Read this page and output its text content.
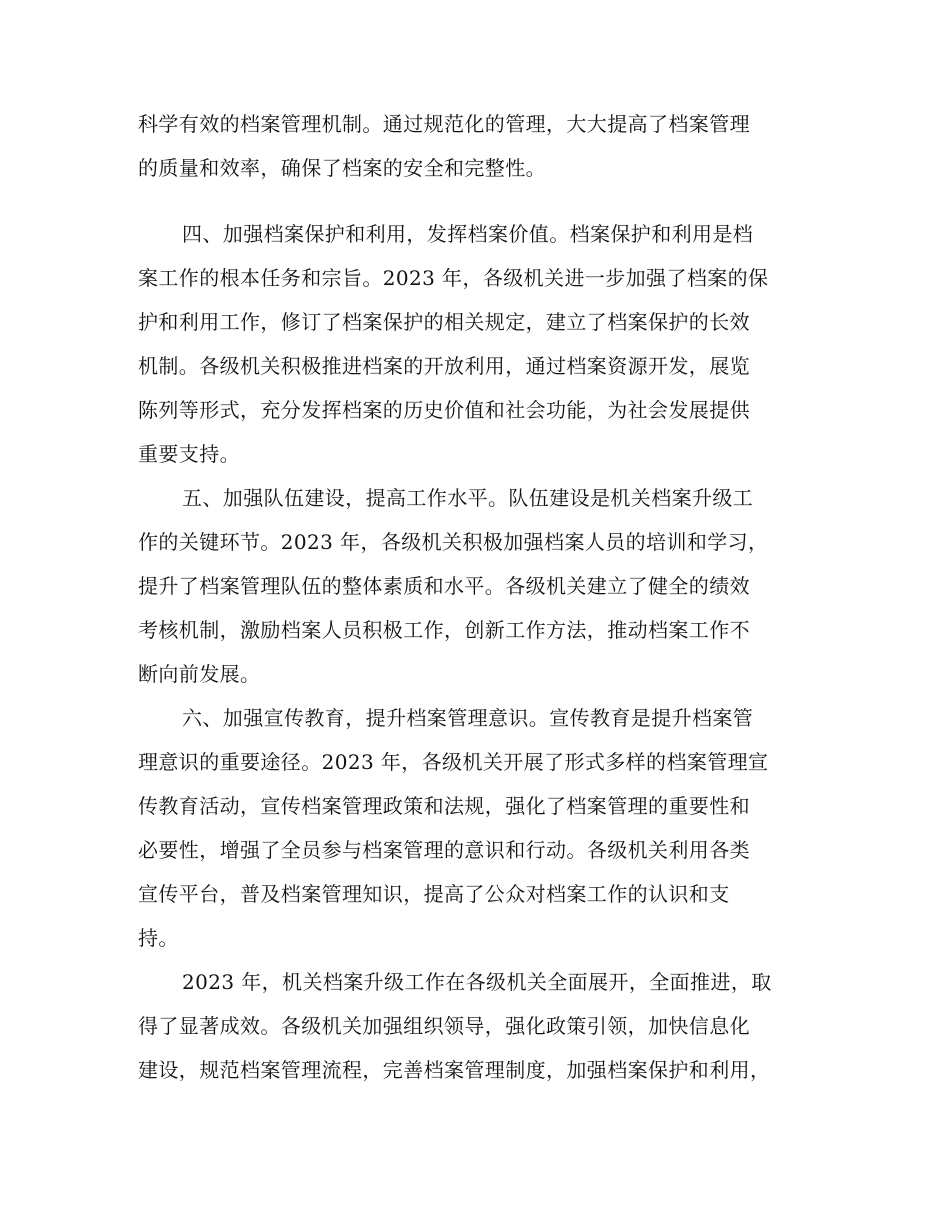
科学有效的档案管理机制。通过规范化的管理，大大提高了档案管理
的质量和效率，确保了档案的安全和完整性。
四、加强档案保护和利用，发挥档案价值。档案保护和利用是档
案工作的根本任务和宗旨。2023 年，各级机关进一步加强了档案的保
护和利用工作，修订了档案保护的相关规定，建立了档案保护的长效
机制。各级机关积极推进档案的开放利用，通过档案资源开发，展览
陈列等形式，充分发挥档案的历史价值和社会功能，为社会发展提供
重要支持。
五、加强队伍建设，提高工作水平。队伍建设是机关档案升级工
作的关键环节。2023 年，各级机关积极加强档案人员的培训和学习，
提升了档案管理队伍的整体素质和水平。各级机关建立了健全的绩效
考核机制，激励档案人员积极工作，创新工作方法，推动档案工作不
断向前发展。
六、加强宣传教育，提升档案管理意识。宣传教育是提升档案管
理意识的重要途径。2023 年，各级机关开展了形式多样的档案管理宣
传教育活动，宣传档案管理政策和法规，强化了档案管理的重要性和
必要性，增强了全员参与档案管理的意识和行动。各级机关利用各类
宣传平台，普及档案管理知识，提高了公众对档案工作的认识和支
持。
2023 年，机关档案升级工作在各级机关全面展开，全面推进，取
得了显著成效。各级机关加强组织领导，强化政策引领，加快信息化
建设，规范档案管理流程，完善档案管理制度，加强档案保护和利用，
